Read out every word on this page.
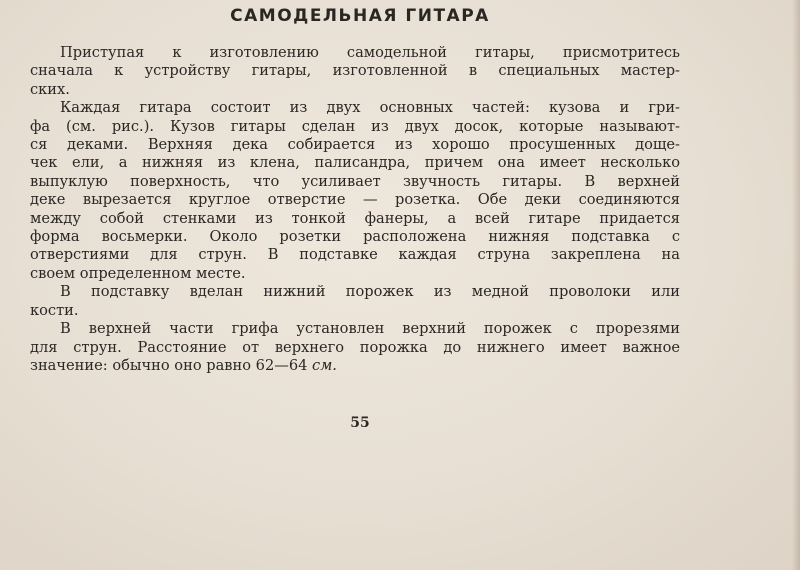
САМОДЕЛЬНАЯ ГИТАРА
Приступая к изготовлению самодельной гитары, присмотритесь
сначала к устройству гитары, изготовленной в специальных мастер-
ских.
Каждая гитара состоит из двух основных частей: кузова и гри-
фа (см. рис.). Кузов гитары сделан из двух досок, которые называют-
ся деками. Верхняя дека собирается из хорошо просушенных доще-
чек ели, а нижняя из клена, палисандра, причем она имеет несколько
выпуклую поверхность, что усиливает звучность гитары. В верхней
деке вырезается круглое отверстие — розетка. Обе деки соединяются
между собой стенками из тонкой фанеры, а всей гитаре придается
форма восьмерки. Около розетки расположена нижняя подставка с
отверстиями для струн. В подставке каждая струна закреплена на
своем определенном месте.
В подставку вделан нижний порожек из медной проволоки или
кости.
В верхней части грифа установлен верхний порожек с прорезями
для струн. Расстояние от верхнего порожка до нижнего имеет важное
значение: обычно оно равно 62—64 см.
55
